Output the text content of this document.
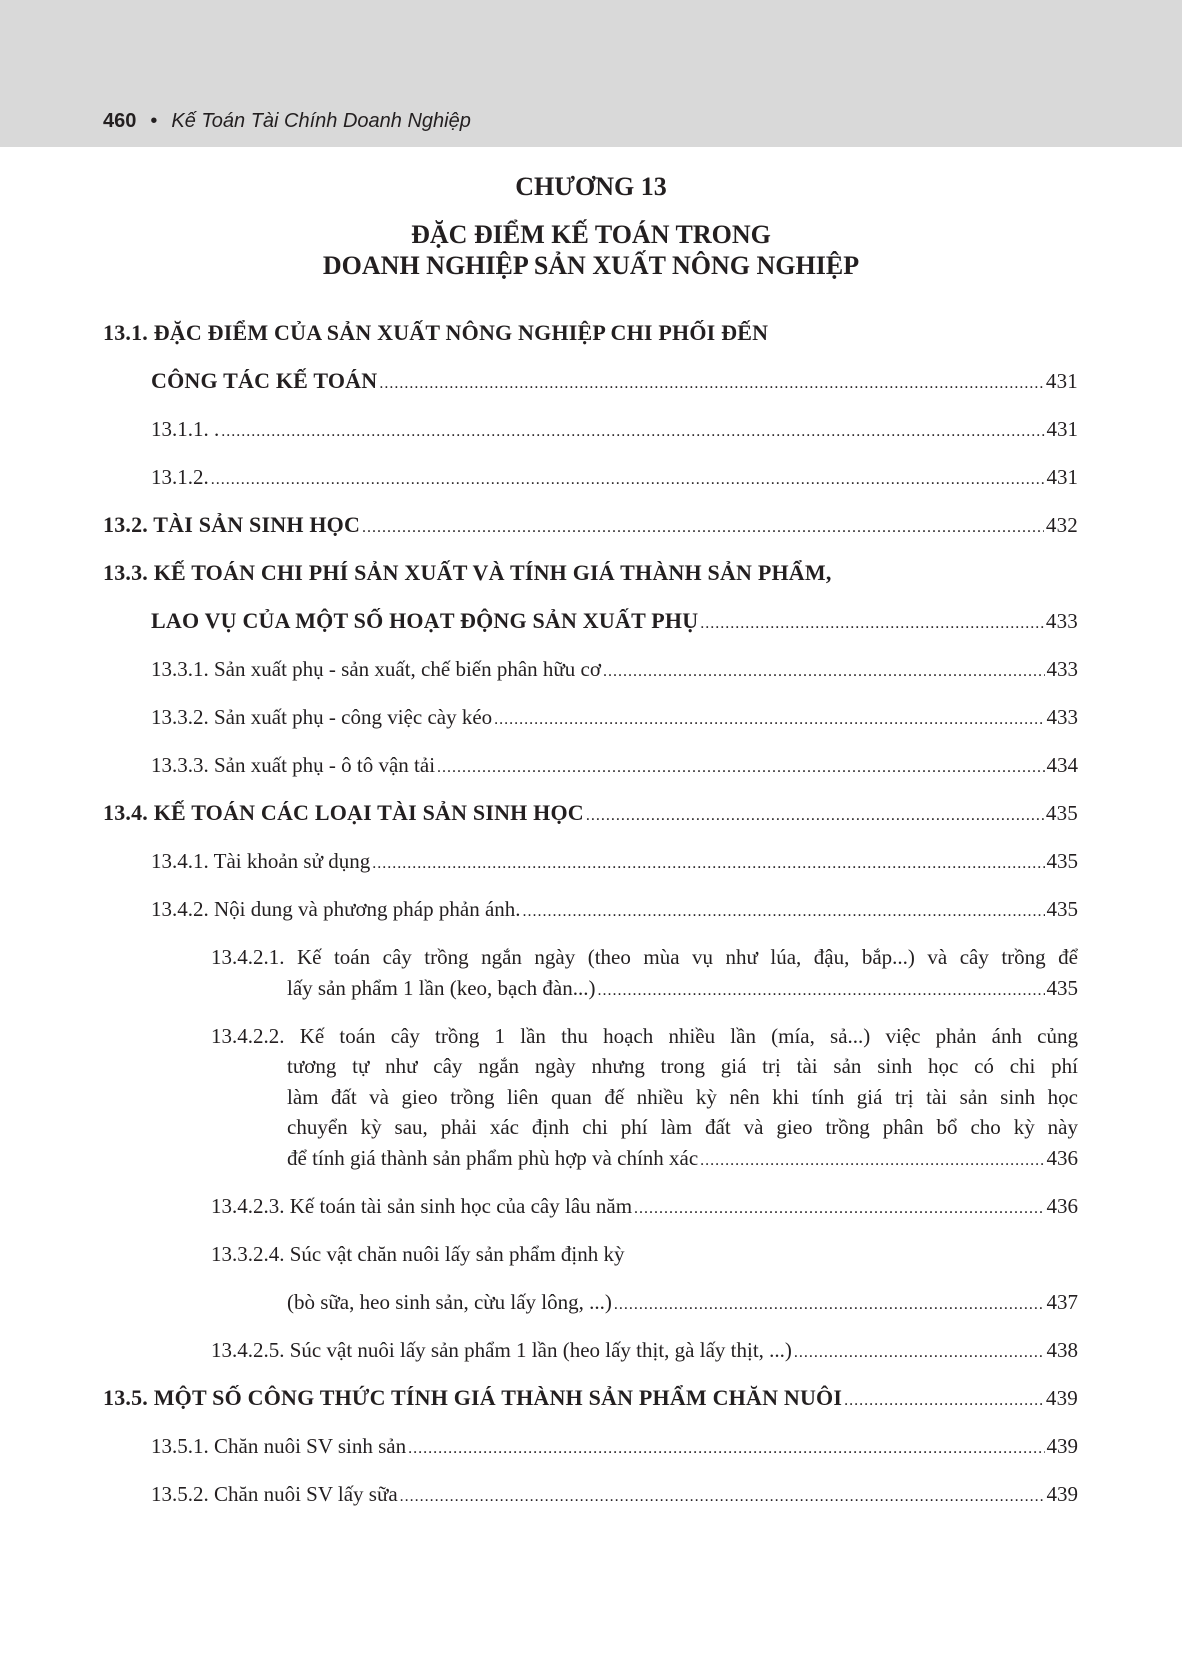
460 • Kế Toán Tài Chính Doanh Nghiệp
CHƯƠNG 13
ĐẶC ĐIỂM KẾ TOÁN TRONG
DOANH NGHIỆP SẢN XUẤT NÔNG NGHIỆP
13.1. ĐẶC ĐIỂM CỦA SẢN XUẤT NÔNG NGHIỆP CHI PHỐI ĐẾN
CÔNG TÁC KẾ TOÁN .....	431
13.1.1. . .....	431
13.1.2. .....	431
13.2. TÀI SẢN SINH HỌC .....	432
13.3. KẾ TOÁN CHI PHÍ SẢN XUẤT VÀ TÍNH GIÁ THÀNH SẢN PHẨM,
LAO VỤ CỦA MỘT SỐ HOẠT ĐỘNG SẢN XUẤT PHỤ .....	433
13.3.1. Sản xuất phụ - sản xuất, chế biến phân hữu cơ .....	433
13.3.2. Sản xuất phụ - công việc cày kéo .....	433
13.3.3. Sản xuất phụ - ô tô vận tải .....	434
13.4. KẾ TOÁN CÁC LOẠI TÀI SẢN SINH HỌC .....	435
13.4.1. Tài khoản sử dụng .....	435
13.4.2. Nội dung và phương pháp phản ánh. .....	435
13.4.2.1. Kế toán cây trồng ngắn ngày (theo mùa vụ như lúa, đậu, bắp...) và cây trồng để
lấy sản phẩm 1 lần (keo, bạch đàn...) .....	435
13.4.2.2. Kế toán cây trồng 1 lần thu hoạch nhiều lần (mía, sả...) việc phản ánh củng
tương tự như cây ngắn ngày nhưng trong giá trị tài sản sinh học có chi phí
làm đất và gieo trồng liên quan đế nhiều kỳ nên khi tính giá trị tài sản sinh học
chuyển kỳ sau, phải xác định chi phí làm đất và gieo trồng phân bổ cho kỳ này
để tính giá thành sản phẩm phù hợp và chính xác .....	436
13.4.2.3. Kế toán tài sản sinh học của cây lâu năm .....	436
13.3.2.4. Súc vật chăn nuôi lấy sản phẩm định kỳ
(bò sữa, heo sinh sản, cừu lấy lông, ...) .....	437
13.4.2.5. Súc vật nuôi lấy sản phẩm 1 lần (heo lấy thịt, gà lấy thịt, ...) .....	438
13.5. MỘT SỐ CÔNG THỨC TÍNH GIÁ THÀNH SẢN PHẨM CHĂN NUÔI .....	439
13.5.1. Chăn nuôi SV sinh sản .....	439
13.5.2. Chăn nuôi SV lấy sữa .....	439
